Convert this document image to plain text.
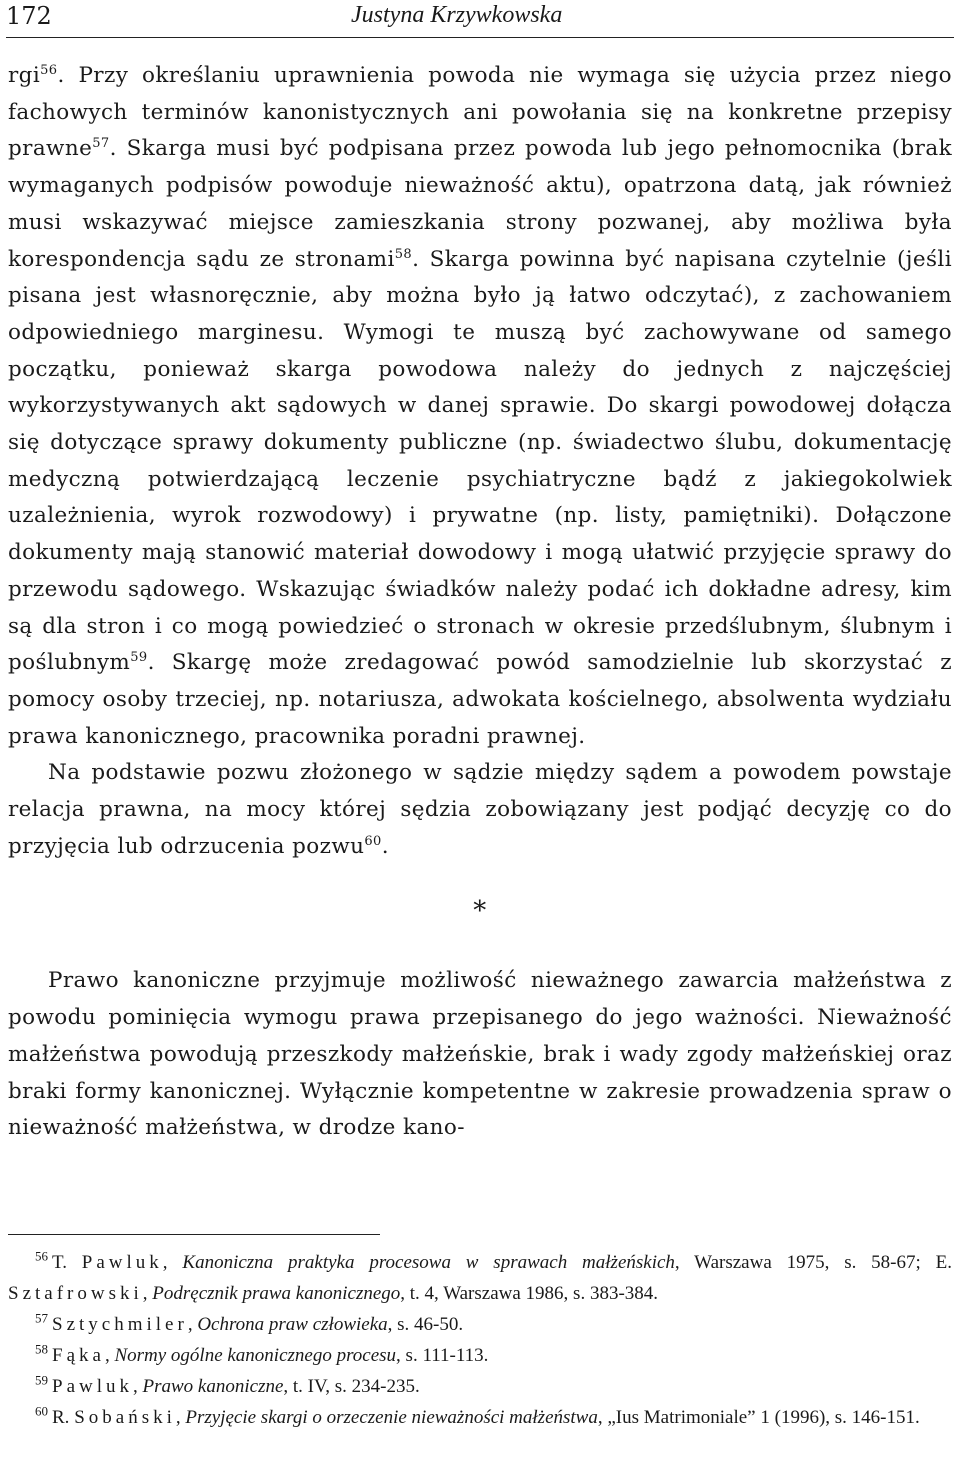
172	Justyna Krzywkowska

rgi$^{56}$. Przy określaniu uprawnienia powoda nie wymaga się użycia przez niego fachowych terminów kanonistycznych ani powołania się na konkretne przepisy prawne$^{57}$. Skarga musi być podpisana przez powoda lub jego pełnomocnika (brak wymaganych podpisów powoduje nieważność aktu), opatrzona datą, jak również musi wskazywać miejsce zamieszkania strony pozwanej, aby możliwa była korespondencja sądu ze stronami$^{58}$. Skarga powinna być napisana czytelnie (jeśli pisana jest własnoręcznie, aby można było ją łatwo odczytać), z zachowaniem odpowiedniego marginesu. Wymogi te muszą być zachowywane od samego początku, ponieważ skarga powodowa należy do jednych z najczęściej wykorzystywanych akt sądowych w danej sprawie. Do skargi powodowej dołącza się dotyczące sprawy dokumenty publiczne (np. świadectwo ślubu, dokumentację medyczną potwierdzającą leczenie psychiatryczne bądź z jakiegokolwiek uzależnienia, wyrok rozwodowy) i prywatne (np. listy, pamiętniki). Dołączone dokumenty mają stanowić materiał dowodowy i mogą ułatwić przyjęcie sprawy do przewodu sądowego. Wskazując świadków należy podać ich dokładne adresy, kim są dla stron i co mogą powiedzieć o stronach w okresie przedślubnym, ślubnym i poślubnym$^{59}$. Skargę może zredagować powód samodzielnie lub skorzystać z pomocy osoby trzeciej, np. notariusza, adwokata kościelnego, absolwenta wydziału prawa kanonicznego, pracownika poradni prawnej.

Na podstawie pozwu złożonego w sądzie między sądem a powodem powstaje relacja prawna, na mocy której sędzia zobowiązany jest podjąć decyzję co do przyjęcia lub odrzucenia pozwu$^{60}$.

*

Prawo kanoniczne przyjmuje możliwość nieważnego zawarcia małżeństwa z powodu pominięcia wymogu prawa przepisanego do jego ważności. Nieważność małżeństwa powodują przeszkody małżeńskie, brak i wady zgody małżeńskiej oraz braki formy kanonicznej. Wyłącznie kompetentne w zakresie prowadzenia spraw o nieważność małżeństwa, w drodze kano-

$^{56}$ T. Pawluk, Kanoniczna praktyka procesowa w sprawach małżeńskich, Warszawa 1975, s. 58-67; E. Sztafrowski, Podręcznik prawa kanonicznego, t. 4, Warszawa 1986, s. 383-384.

$^{57}$ Sztychmiler, Ochrona praw człowieka, s. 46-50.

$^{58}$ Fąka, Normy ogólne kanonicznego procesu, s. 111-113.

$^{59}$ Pawluk, Prawo kanoniczne, t. IV, s. 234-235.

$^{60}$ R. Sobański, Przyjęcie skargi o orzeczenie nieważności małżeństwa, „Ius Matrimoniale” 1 (1996), s. 146-151.
